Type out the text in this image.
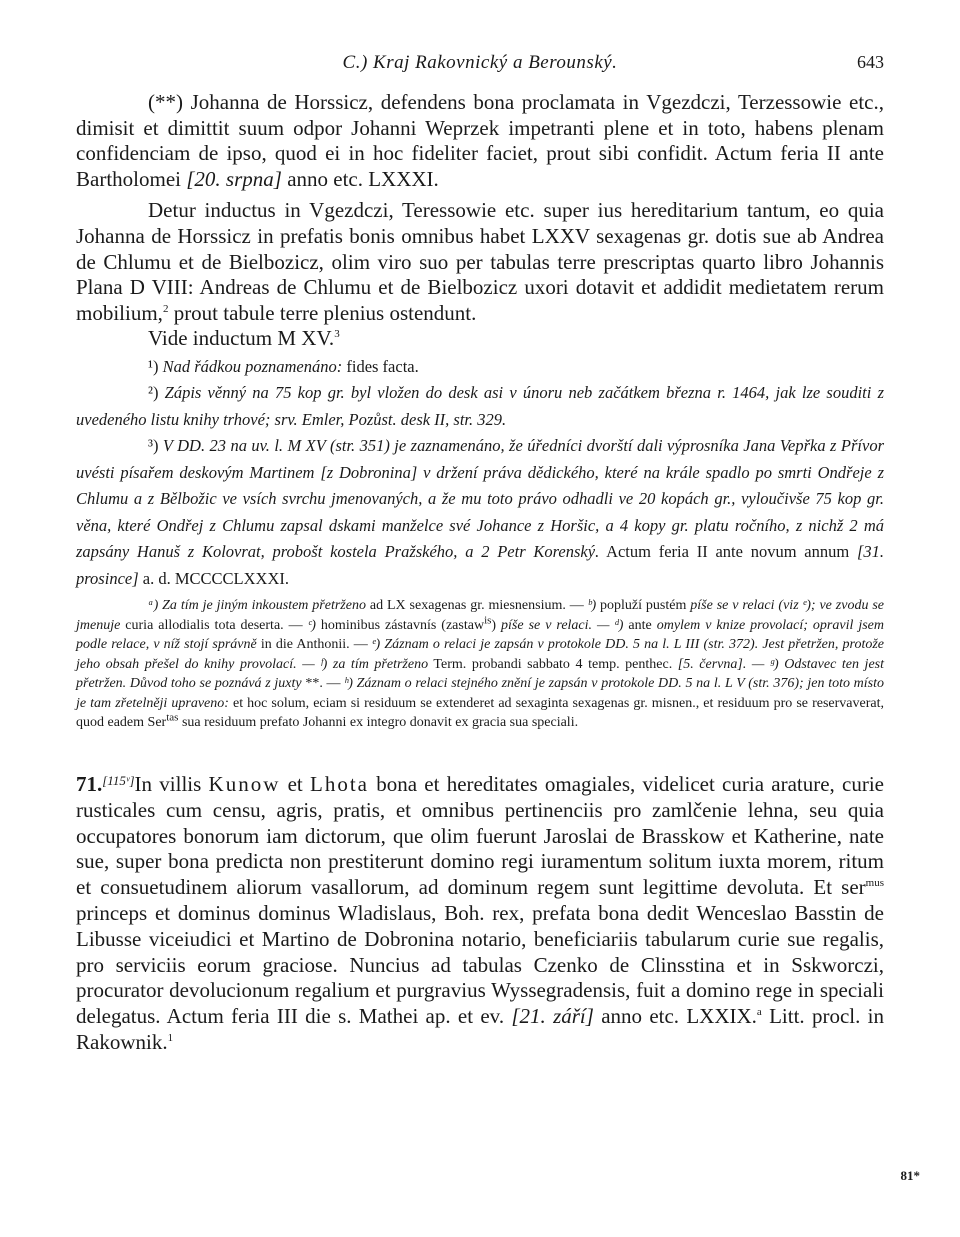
C.) Kraj Rakovnický a Berounský.	643

(**) Johanna de Horssicz, defendens bona proclamata in Vgezdczi, Terzessowie etc., dimisit et dimittit suum odpor Johanni Weprzek impetranti plene et in toto, habens plenam confidenciam de ipso, quod ei in hoc fideliter faciet, prout sibi confidit. Actum feria II ante Bartholomei [20. srpna] anno etc. LXXXI.

Detur inductus in Vgezdczi, Teressowie etc. super ius hereditarium tantum, eo quia Johanna de Horssicz in prefatis bonis omnibus habet LXXV sexagenas gr. dotis sue ab Andrea de Chlumu et de Bielbozicz, olim viro suo per tabulas terre prescriptas quarto libro Johannis Plana D VIII: Andreas de Chlumu et de Bielbozicz uxori dotavit et addidit medietatem rerum mobilium,$^2$ prout tabule terre plenius ostendunt.

Vide inductum M XV.$^3$

¹) Nad řádkou poznamenáno: fides facta.

²) Zápis věnný na 75 kop gr. byl vložen do desk asi v únoru neb začátkem března r. 1464, jak lze souditi z uvedeného listu knihy trhové; srv. Emler, Pozůst. desk II, str. 329.

³) V DD. 23 na uv. l. M XV (str. 351) je zaznamenáno, že úředníci dvorští dali výprosníka Jana Vepřka z Přívor uvésti písařem deskovým Martinem [z Dobronina] v držení práva dědického, které na krále spadlo po smrti Ondřeje z Chlumu a z Bělbožic ve vsích svrchu jmenovaných, a že mu toto právo odhadli ve 20 kopách gr., vyloučivše 75 kop gr. věna, které Ondřej z Chlumu zapsal dskami manželce své Johance z Horšic, a 4 kopy gr. platu ročního, z nichž 2 má zapsány Hanuš z Kolovrat, probošt kostela Pražského, a 2 Petr Korenský. Actum feria II ante novum annum [31. prosince] a. d. MCCCCLXXXI.

ᵃ) Za tím je jiným inkoustem přetrženo ad LX sexagenas gr. miesnensium. — ᵇ) popluží pustém píše se v relaci (viz ᵉ); ve zvodu se jmenuje curia allodialis tota deserta. — ᶜ) hominibus zástavnís (zastaw$^{is}$) píše se v relaci. — ᵈ) ante omylem v knize provolací; opravil jsem podle relace, v níž stojí správně in die Anthonii. — ᵉ) Záznam o relaci je zapsán v protokole DD. 5 na l. L III (str. 372). Jest přetržen, protože jeho obsah přešel do knihy provolací. — ᶠ) za tím přetrženo Term. probandi sabbato 4 temp. penthec. [5. června]. — ᵍ) Odstavec ten jest přetržen. Důvod toho se poznává z juxty **. — ʰ) Záznam o relaci stejného znění je zapsán v protokole DD. 5 na l. L V (str. 376); jen toto místo je tam zřetelněji upraveno: et hoc solum, eciam si residuum se extenderet ad sexaginta sexagenas gr. misnen., et residuum pro se reservaverat, quod eadem Ser$^{tas}$ sua residuum prefato Johanni ex integro donavit ex gracia sua speciali.

71.[115ᵛ]In villis Kunow et Lhota bona et hereditates omagiales, videlicet curia arature, curie rusticales cum censu, agris, pratis, et omnibus pertinenciis pro zamlčenie lehna, seu quia occupatores bonorum iam dictorum, que olim fuerunt Jaroslai de Brasskow et Katherine, nate sue, super bona predicta non prestiterunt domino regi iuramentum solitum iuxta morem, ritum et consuetudinem aliorum vasallorum, ad dominum regem sunt legittime devoluta. Et ser$^{mus}$ princeps et dominus dominus Wladislaus, Boh. rex, prefata bona dedit Wenceslao Basstin de Libusse viceiudici et Martino de Dobronina notario, beneficiariis tabularum curie sue regalis, pro serviciis eorum graciose. Nuncius ad tabulas Czenko de Clinsstina et in Sskworczi, procurator devolucionum regalium et purgravius Wyssegradensis, fuit a domino rege in speciali delegatus. Actum feria III die s. Mathei ap. et ev. [21. září] anno etc. LXXIX.$^a$ Litt. procl. in Rakownik.$^1$
81*
